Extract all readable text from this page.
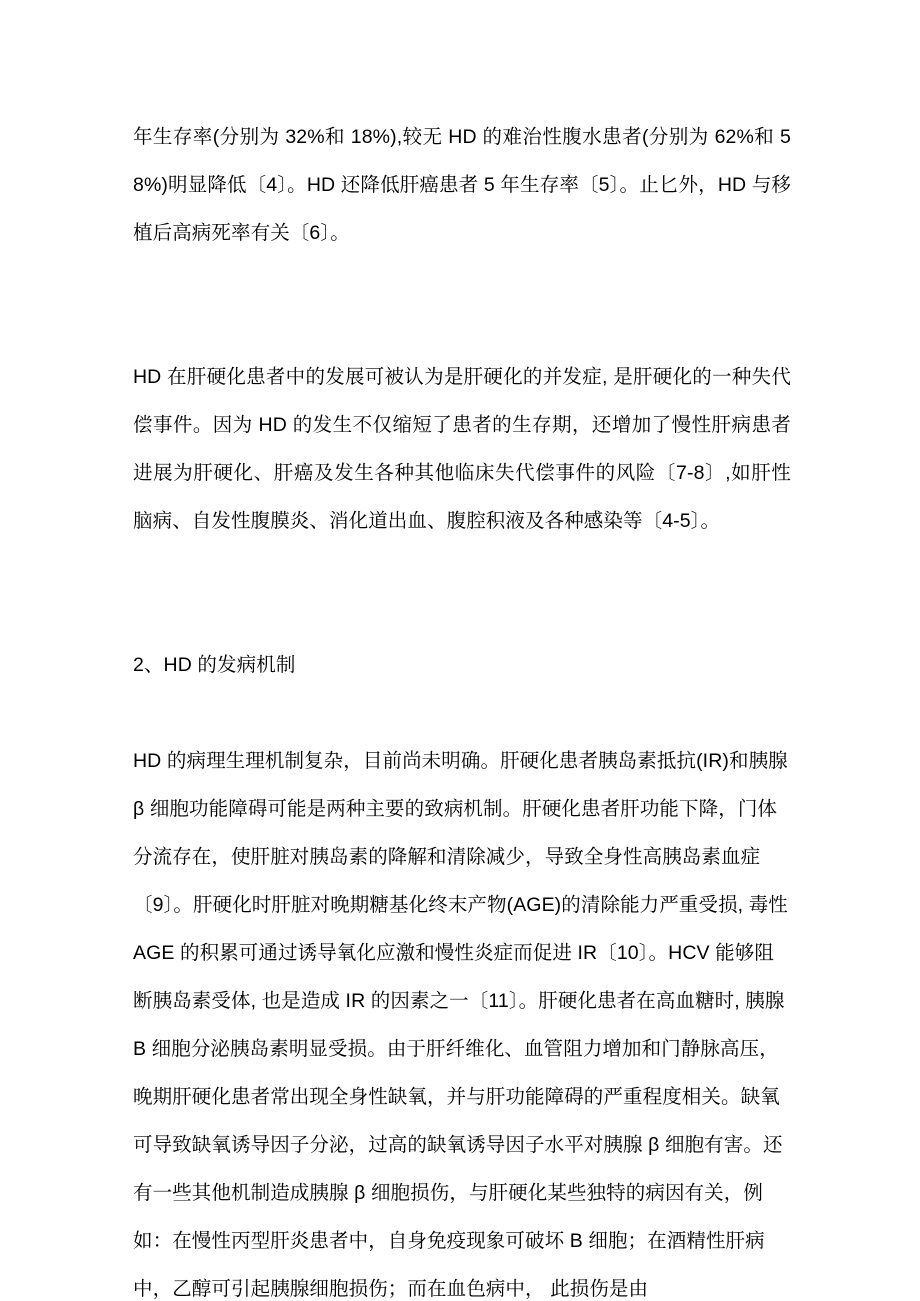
年生存率(分别为 32%和 18%),较无 HD 的难治性腹水患者(分别为 62%和 58%)明显降低〔4〕。HD 还降低肝癌患者 5 年生存率〔5〕。止匕外，HD 与移植后高病死率有关〔6〕。

HD 在肝硬化患者中的发展可被认为是肝硬化的并发症, 是肝硬化的一种失代偿事件。因为 HD 的发生不仅缩短了患者的生存期，还增加了慢性肝病患者进展为肝硬化、肝癌及发生各种其他临床失代偿事件的风险〔7-8〕,如肝性脑病、自发性腹膜炎、消化道出血、腹腔积液及各种感染等〔4-5〕。

2、HD 的发病机制

HD 的病理生理机制复杂，目前尚未明确。肝硬化患者胰岛素抵抗(IR)和胰腺 β 细胞功能障碍可能是两种主要的致病机制。肝硬化患者肝功能下降，门体分流存在，使肝脏对胰岛素的降解和清除减少，导致全身性高胰岛素血症〔9〕。肝硬化时肝脏对晚期糖基化终末产物(AGE)的清除能力严重受损, 毒性 AGE 的积累可通过诱导氧化应激和慢性炎症而促进 IR〔10〕。HCV 能够阻断胰岛素受体, 也是造成 IR 的因素之一〔11〕。肝硬化患者在高血糖时, 胰腺 B 细胞分泌胰岛素明显受损。由于肝纤维化、血管阻力增加和门静脉高压，晚期肝硬化患者常出现全身性缺氧，并与肝功能障碍的严重程度相关。缺氧可导致缺氧诱导因子分泌，过高的缺氧诱导因子水平对胰腺 β 细胞有害。还有一些其他机制造成胰腺 β 细胞损伤，与肝硬化某些独特的病因有关，例如：在慢性丙型肝炎患者中，自身免疫现象可破坏 B 细胞；在酒精性肝病中，乙醇可引起胰腺细胞损伤；而在血色病中， 此损伤是由
